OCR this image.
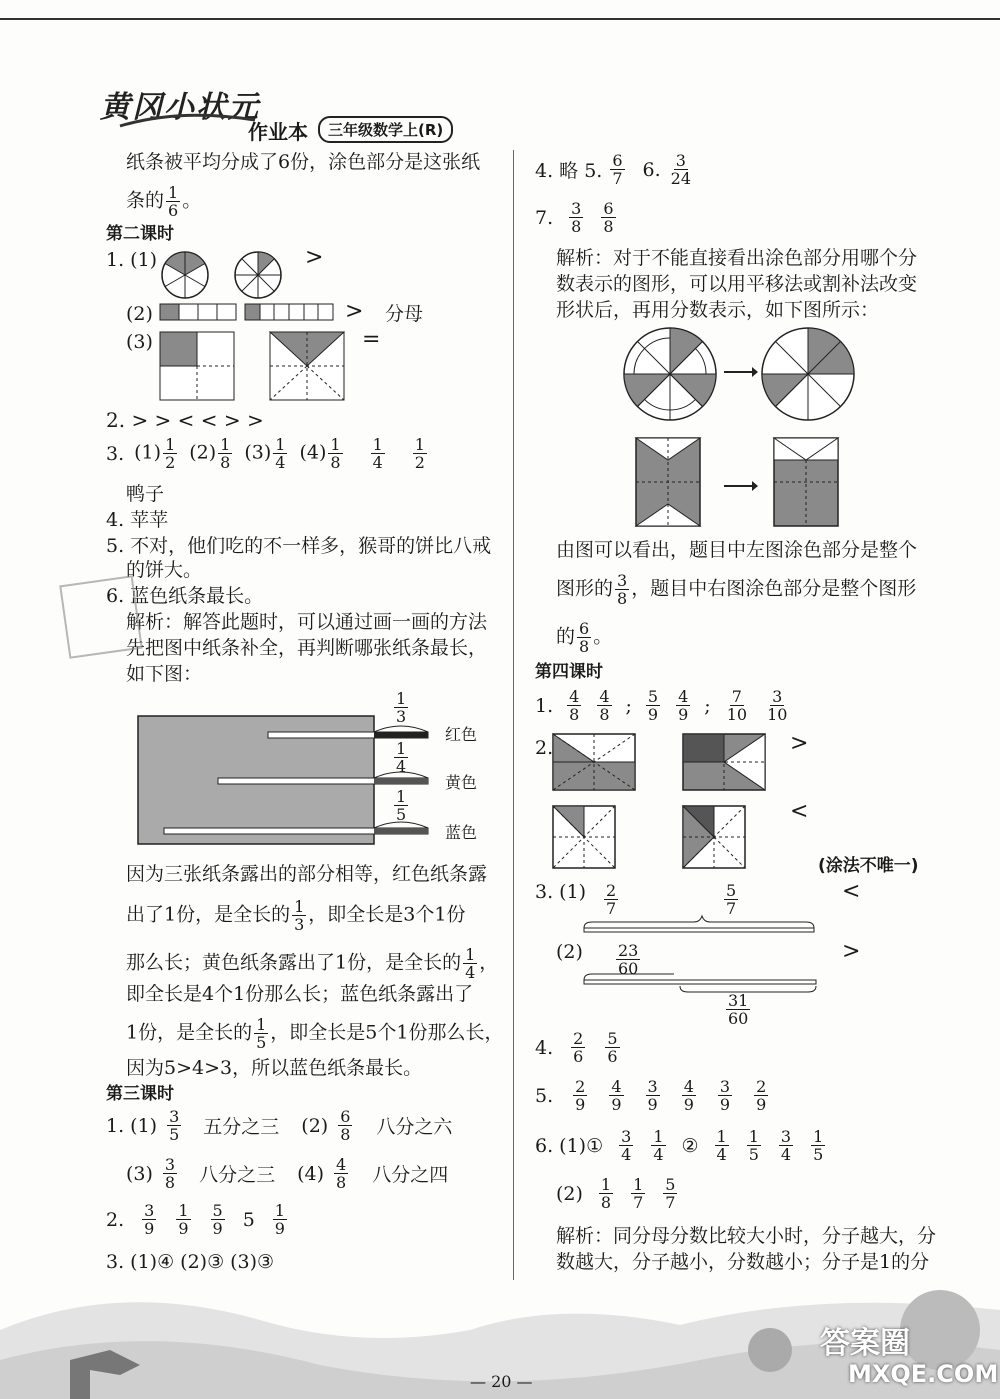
黄冈小状元
作业本	三年级数学上(R)
纸条被平均分成了6份，涂色部分是这张纸
条的 $\frac{1}{6}$ 。
第二课时
1. (1)	>
(2)	> 分母
(3)	=
2. > > < < > >
3. $(1) \frac{1}{2} (2) \frac{1}{8} (3) \frac{1}{4} (4) \frac{1}{8} \frac{1}{4} \frac{1}{2}$
鸭子
4. 苹苹
5. 不对，他们吃的不一样多，猴哥的饼比八戒
的饼大。
6. 蓝色纸条最长。
解析：解答此题时，可以通过画一画的方法
先把图中纸条补全，再判断哪张纸条最长，
如下图：
$\frac{1}{3}$
$\frac{1}{4}$
$\frac{1}{5}$
红色
黄色
蓝色
因为三张纸条露出的部分相等，红色纸条露
出了1份，是全长的 $\frac{1}{3}$ ，即全长是3个1份
那么长；黄色纸条露出了1份，是全长的 $\frac{1}{4}$ ，
即全长是4个1份那么长；蓝色纸条露出了
1份，是全长的 $\frac{1}{5}$ ，即全长是5个1份那么长，
因为5>4>3，所以蓝色纸条最长。
第三课时
1. $(1) \frac{3}{5}$ 五分之三 $(2) \frac{6}{8}$ 八分之六
$(3) \frac{3}{8}$ 八分之三 $(4) \frac{4}{8}$ 八分之四
2. $\frac{3}{9} \frac{1}{9} \frac{5}{9} 5 \frac{1}{9}$
3. (1)④ (2)③ (3)③
4. 略 5. $\frac{6}{7} 6$. $\frac{3}{24}$
7. $\frac{3}{8} \frac{6}{8}$
解析：对于不能直接看出涂色部分用哪个分
数表示的图形，可以用平移法或割补法改变
形状后，再用分数表示，如下图所示：
由图可以看出，题目中左图涂色部分是整个
图形的 $\frac{3}{8}$ ，题目中右图涂色部分是整个图形
的 $\frac{6}{8}$ 。
第四课时
1. $\frac{4}{8} \frac{4}{8}$ ; $\frac{5}{9} \frac{4}{9}$ ; $\frac{7}{10} \frac{3}{10}$
2.	>
<
(涂法不唯一)
3. $(1) \frac{2}{7}$	$\frac{5}{7}$	<
$(2) \frac{23}{60}$
$\frac{31}{60}$
>
4. $\frac{2}{6} \frac{5}{6}$
5. $\frac{2}{9} \frac{4}{9} \frac{3}{9} \frac{4}{9} \frac{3}{9} \frac{2}{9}$
6. (1)① $\frac{3}{4} \frac{1}{4}$ ② $\frac{1}{4} \frac{1}{5} \frac{3}{4} \frac{1}{5}$
$(2) \frac{1}{8} \frac{1}{7} \frac{5}{7}$
解析：同分母分数比较大小时，分子越大，分
数越大，分子越小，分数越小；分子是1的分
— 20 —
答案圈
MXQE.COM
